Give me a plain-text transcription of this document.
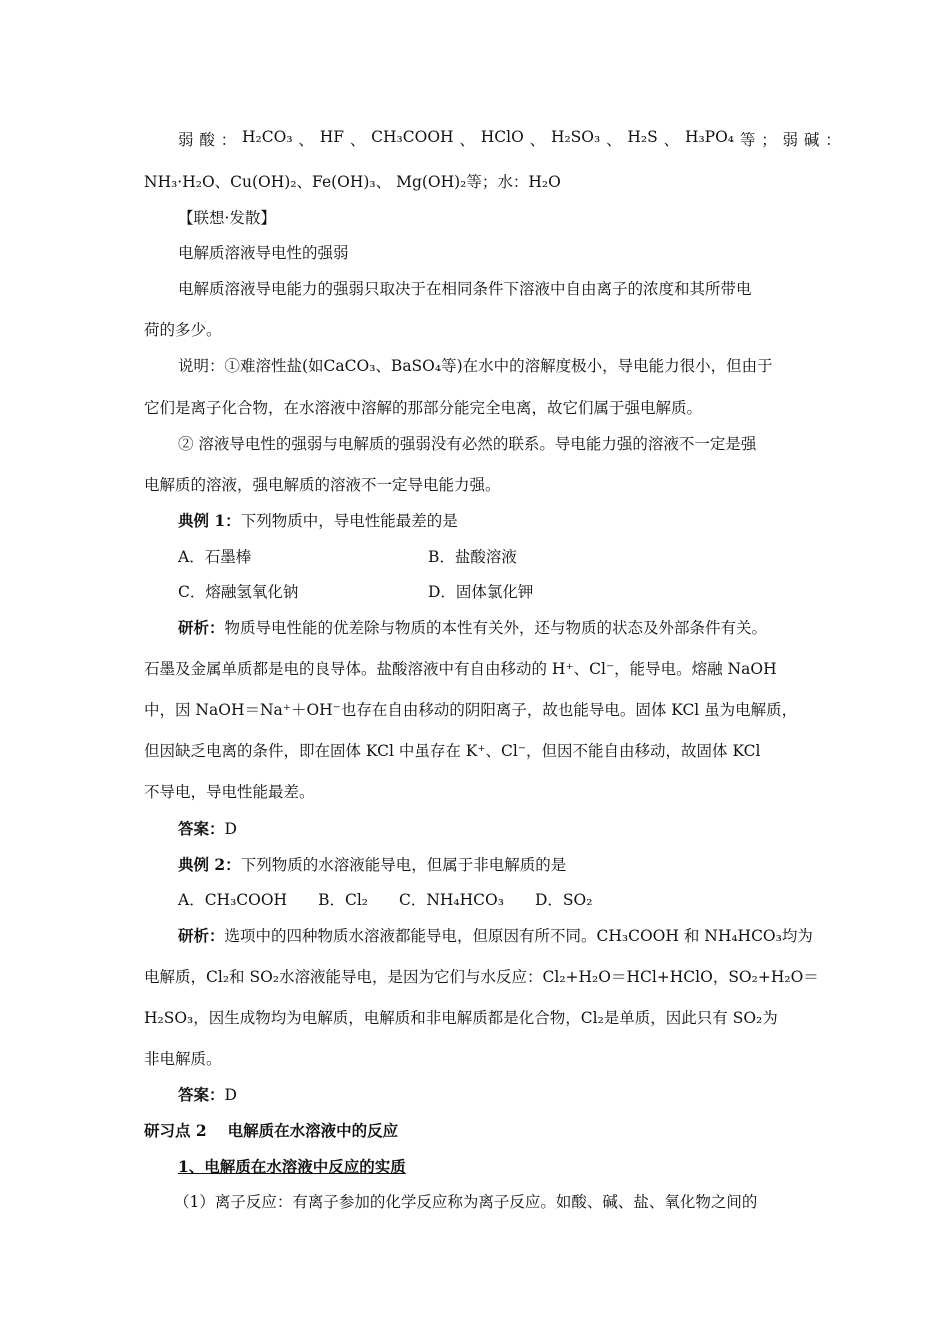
弱 酸 ： H₂CO₃ 、 HF 、 CH₃COOH 、 HClO 、 H₂SO₃ 、 H₂S 、 H₃PO₄ 等 ； 弱 碱 ：
NH₃·H₂O、Cu(OH)₂、Fe(OH)₃、 Mg(OH)₂等；水：H₂O
【联想·发散】
电解质溶液导电性的强弱
电解质溶液导电能力的强弱只取决于在相同条件下溶液中自由离子的浓度和其所带电
荷的多少。
说明：①难溶性盐(如CaCO₃、BaSO₄等)在水中的溶解度极小，导电能力很小，但由于
它们是离子化合物，在水溶液中溶解的那部分能完全电离，故它们属于强电解质。
② 溶液导电性的强弱与电解质的强弱没有必然的联系。导电能力强的溶液不一定是强
电解质的溶液，强电解质的溶液不一定导电能力强。
典例 1：下列物质中，导电性能最差的是
A．石墨棒	B．盐酸溶液
C．熔融氢氧化钠	D．固体氯化钾
研析：物质导电性能的优差除与物质的本性有关外，还与物质的状态及外部条件有关。
石墨及金属单质都是电的良导体。盐酸溶液中有自由移动的 H⁺、Cl⁻，能导电。熔融 NaOH
中，因 NaOH＝Na⁺＋OH⁻也存在自由移动的阴阳离子，故也能导电。固体 KCl 虽为电解质，
但因缺乏电离的条件，即在固体 KCl 中虽存在 K⁺、Cl⁻，但因不能自由移动，故固体 KCl
不导电，导电性能最差。
答案：D
典例 2：下列物质的水溶液能导电，但属于非电解质的是
A．CH₃COOH　　B．Cl₂　　C．NH₄HCO₃　　D．SO₂
研析：选项中的四种物质水溶液都能导电，但原因有所不同。CH₃COOH 和 NH₄HCO₃均为
电解质，Cl₂和 SO₂水溶液能导电，是因为它们与水反应：Cl₂+H₂O＝HCl+HClO，SO₂+H₂O＝
H₂SO₃，因生成物均为电解质，电解质和非电解质都是化合物，Cl₂是单质，因此只有 SO₂为
非电解质。
答案：D
研习点 2　 电解质在水溶液中的反应
1、电解质在水溶液中反应的实质
（1）离子反应：有离子参加的化学反应称为离子反应。如酸、碱、盐、氧化物之间的
